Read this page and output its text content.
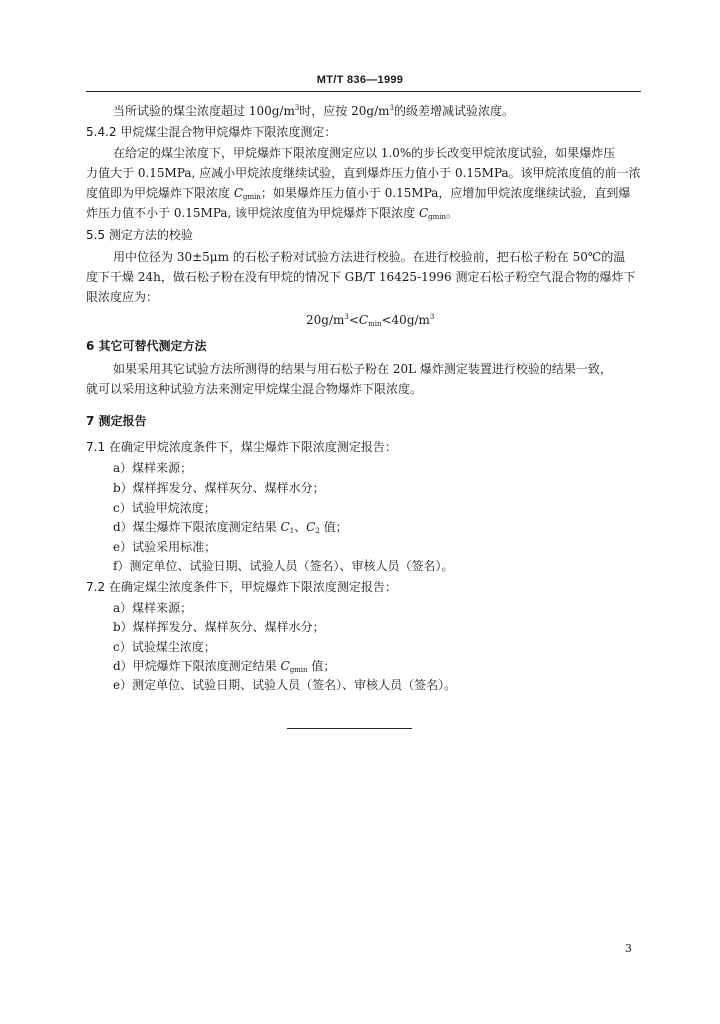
MT/T 836—1999
当所试验的煤尘浓度超过 $100g/m^3$时，应按 $20g/m^3$的级差增减试验浓度。
5.4.2 甲烷煤尘混合物甲烷爆炸下限浓度测定：
在给定的煤尘浓度下，甲烷爆炸下限浓度测定应以 1.0%的步长改变甲烷浓度试验，如果爆炸压
力值大于 0.15MPa, 应减小甲烷浓度继续试验，直到爆炸压力值小于 0.15MPa。该甲烷浓度值的前一浓
度值即为甲烷爆炸下限浓度 $C_{gmin}$；如果爆炸压力值小于 0.15MPa，应增加甲烷浓度继续试验，直到爆
炸压力值不小于 0.15MPa, 该甲烷浓度值为甲烷爆炸下限浓度 $C_{gmin}$。
5.5 测定方法的校验
用中位径为 30±5μm 的石松子粉对试验方法进行校验。在进行校验前，把石松子粉在 50℃的温
度下干燥 24h，做石松子粉在没有甲烷的情况下 GB/T 16425-1996 测定石松子粉空气混合物的爆炸下
限浓度应为：
$20g/m^3<C_{min}<40g/m^3$
6 其它可替代测定方法
如果采用其它试验方法所测得的结果与用石松子粉在 20L 爆炸测定装置进行校验的结果一致，
就可以采用这种试验方法来测定甲烷煤尘混合物爆炸下限浓度。
7 测定报告
7.1 在确定甲烷浓度条件下，煤尘爆炸下限浓度测定报告：
a）煤样来源；
b）煤样挥发分、煤样灰分、煤样水分；
c）试验甲烷浓度；
d）煤尘爆炸下限浓度测定结果 $C_1$、$C_2$ 值；
e）试验采用标准；
f）测定单位、试验日期、试验人员（签名）、审核人员（签名）。
7.2 在确定煤尘浓度条件下，甲烷爆炸下限浓度测定报告：
a）煤样来源；
b）煤样挥发分、煤样灰分、煤样水分；
c）试验煤尘浓度；
d）甲烷爆炸下限浓度测定结果 $C_{gmin}$ 值；
e）测定单位、试验日期、试验人员（签名）、审核人员（签名）。
3
